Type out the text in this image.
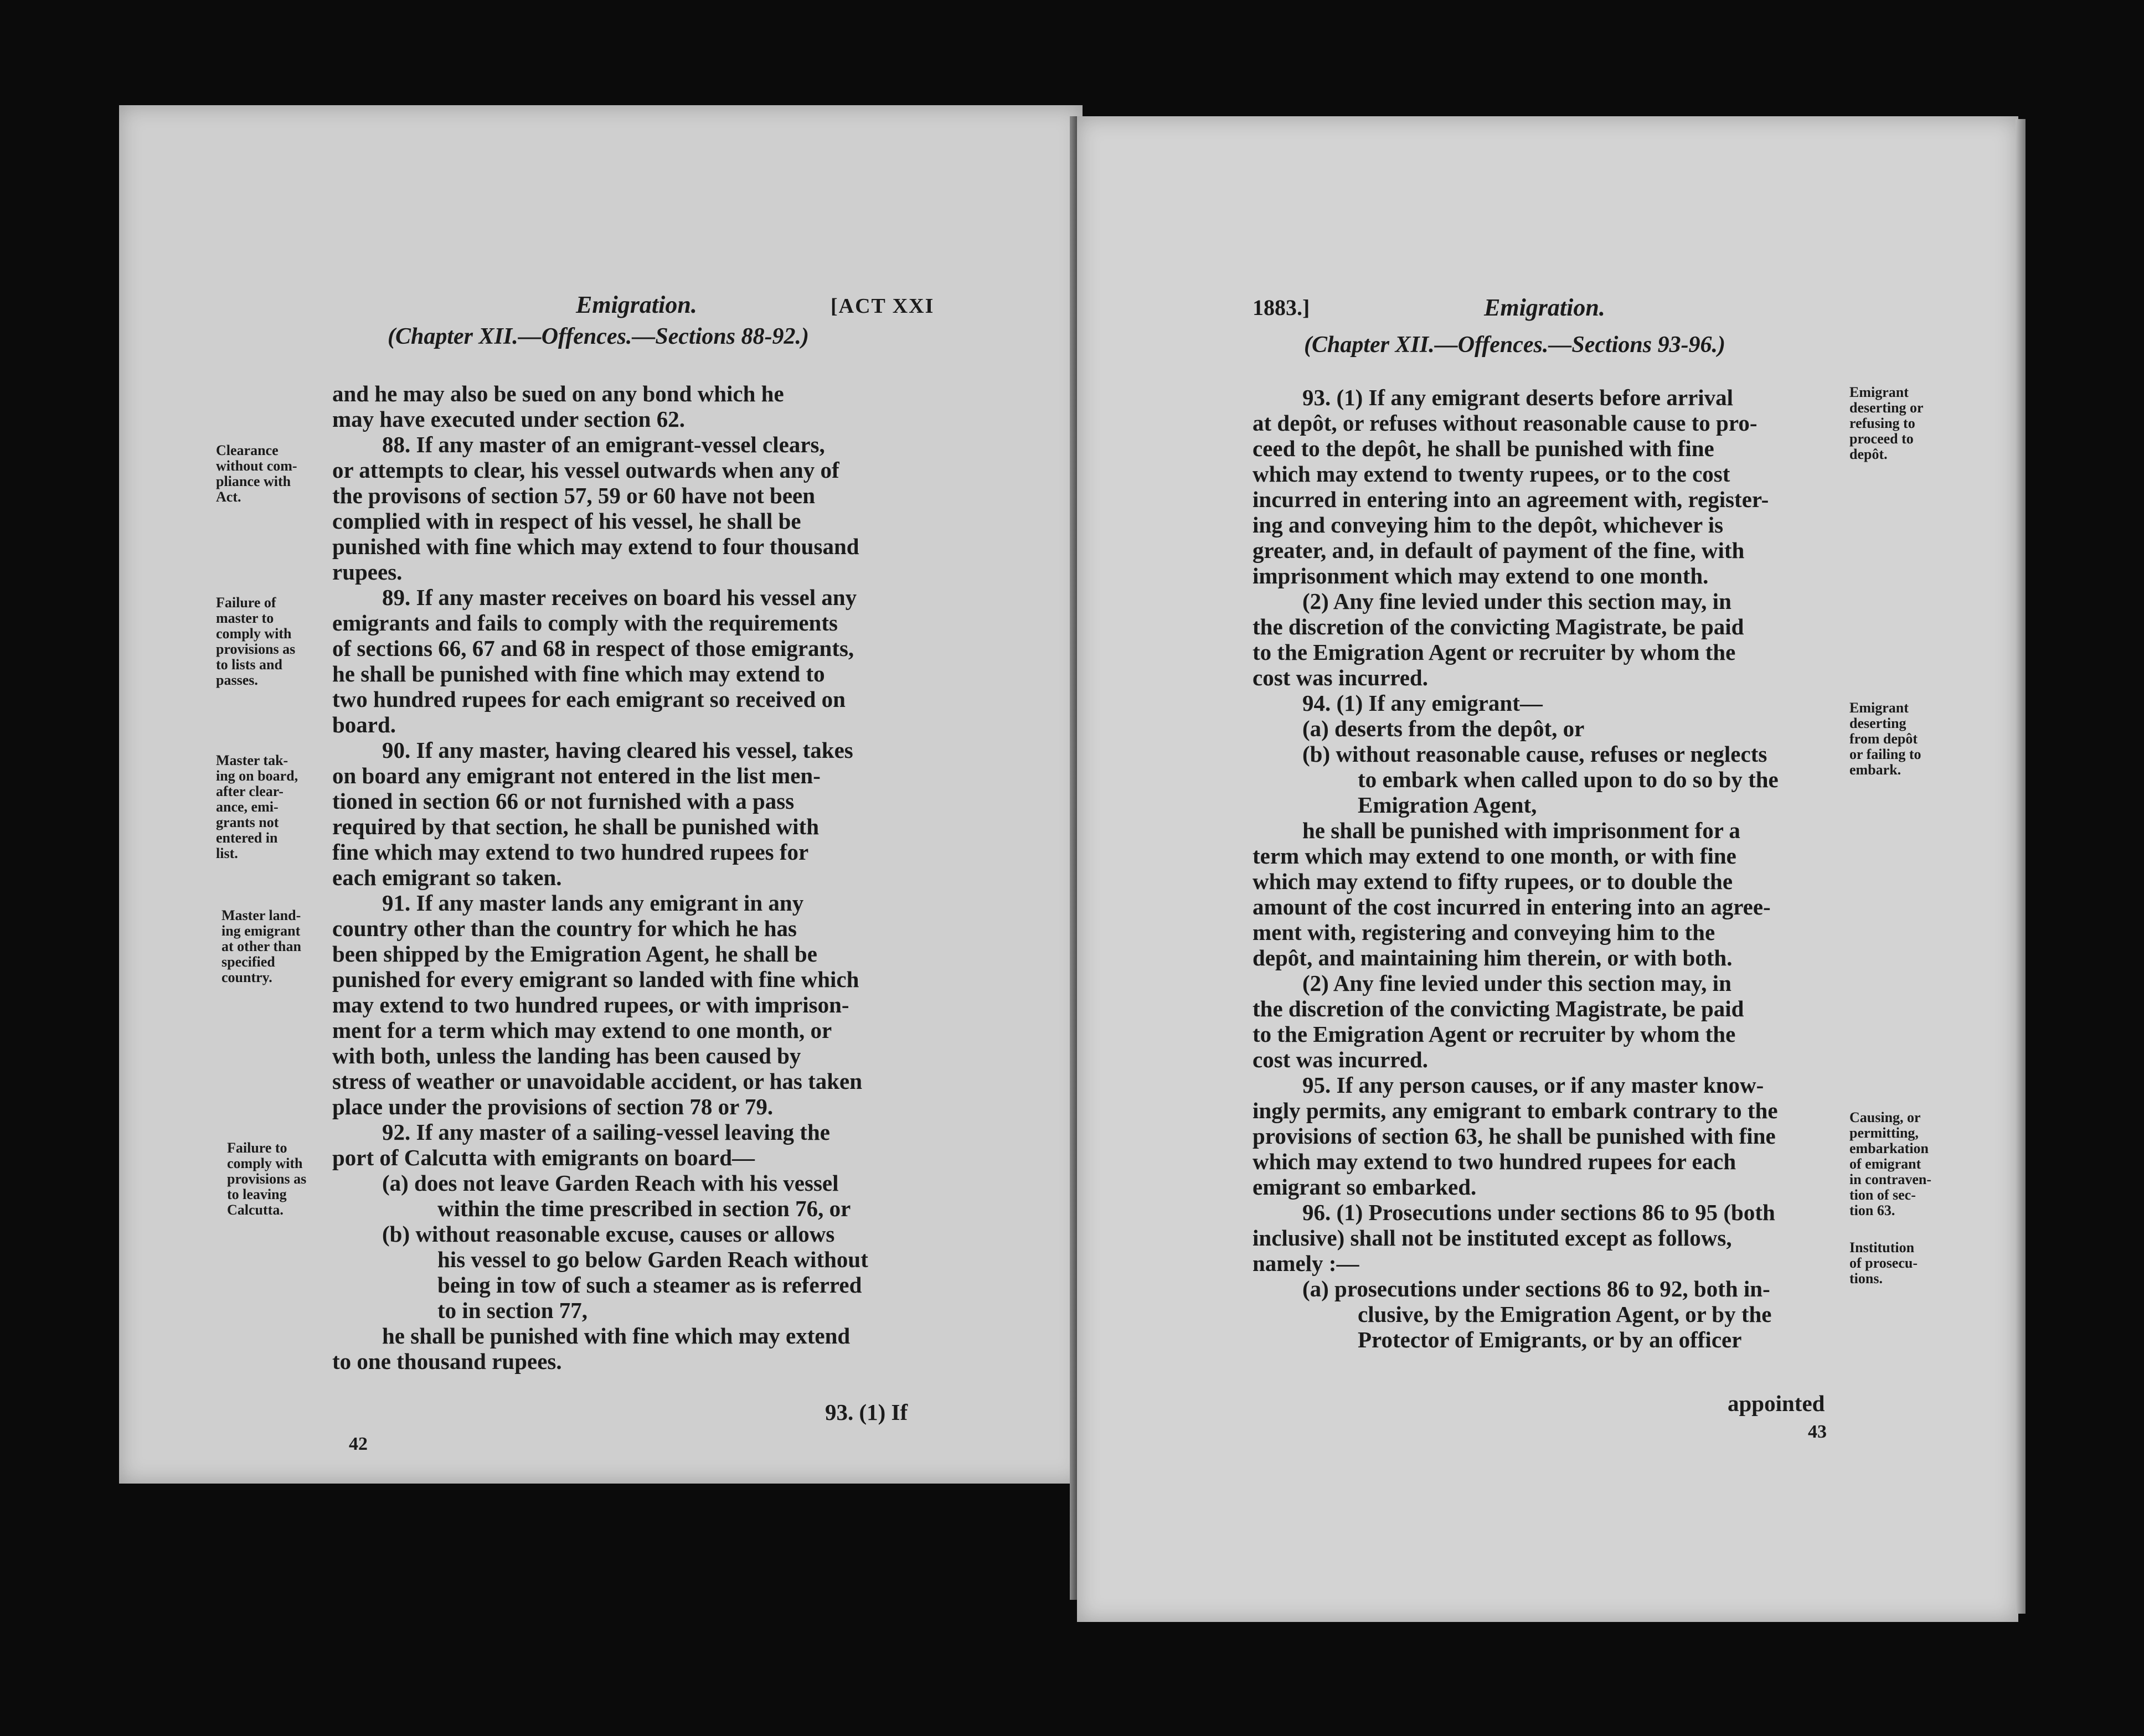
Emigration.	[ACT XXI
(Chapter XII.—Offences.—Sections 88-92.)
Clearance
without com-
pliance with
Act.
Failure of
master to
comply with
provisions as
to lists and
passes.
Master tak-
ing on board,
after clear-
ance, emi-
grants not
entered in
list.
Master land-
ing emigrant
at other than
specified
country.
Failure to
comply with
provisions as
to leaving
Calcutta.

and he may also be sued on any bond which he

may have executed under section 62.

88. If any master of an emigrant-vessel clears,

or attempts to clear, his vessel outwards when any of

the provisons of section 57, 59 or 60 have not been

complied with in respect of his vessel, he shall be

punished with fine which may extend to four thousand

rupees.

89. If any master receives on board his vessel any

emigrants and fails to comply with the requirements

of sections 66, 67 and 68 in respect of those emigrants,

he shall be punished with fine which may extend to

two hundred rupees for each emigrant so received on

board.

90. If any master, having cleared his vessel, takes

on board any emigrant not entered in the list men-

tioned in section 66 or not furnished with a pass

required by that section, he shall be punished with

fine which may extend to two hundred rupees for

each emigrant so taken.

91. If any master lands any emigrant in any

country other than the country for which he has

been shipped by the Emigration Agent, he shall be

punished for every emigrant so landed with fine which

may extend to two hundred rupees, or with imprison-

ment for a term which may extend to one month, or

with both, unless the landing has been caused by

stress of weather or unavoidable accident, or has taken

place under the provisions of section 78 or 79.

92. If any master of a sailing-vessel leaving the

port of Calcutta with emigrants on board—

(a) does not leave Garden Reach with his vessel

within the time prescribed in section 76, or

(b) without reasonable excuse, causes or allows

his vessel to go below Garden Reach without

being in tow of such a steamer as is referred

to in section 77,

he shall be punished with fine which may extend

to one thousand rupees.

93. (1) If
42
1883.]	Emigration.
(Chapter XII.—Offences.—Sections 93-96.)
Emigrant
deserting or
refusing to
proceed to
depôt.
Emigrant
deserting
from depôt
or failing to
embark.
Causing, or
permitting,
embarkation
of emigrant
in contraven-
tion of sec-
tion 63.
Institution
of prosecu-
tions.

93. (1) If any emigrant deserts before arrival

at depôt, or refuses without reasonable cause to pro-

ceed to the depôt, he shall be punished with fine

which may extend to twenty rupees, or to the cost

incurred in entering into an agreement with, register-

ing and conveying him to the depôt, whichever is

greater, and, in default of payment of the fine, with

imprisonment which may extend to one month.

(2) Any fine levied under this section may, in

the discretion of the convicting Magistrate, be paid

to the Emigration Agent or recruiter by whom the

cost was incurred.

94. (1) If any emigrant—

(a) deserts from the depôt, or

(b) without reasonable cause, refuses or neglects

to embark when called upon to do so by the

Emigration Agent,

he shall be punished with imprisonment for a

term which may extend to one month, or with fine

which may extend to fifty rupees, or to double the

amount of the cost incurred in entering into an agree-

ment with, registering and conveying him to the

depôt, and maintaining him therein, or with both.

(2) Any fine levied under this section may, in

the discretion of the convicting Magistrate, be paid

to the Emigration Agent or recruiter by whom the

cost was incurred.

95. If any person causes, or if any master know-

ingly permits, any emigrant to embark contrary to the

provisions of section 63, he shall be punished with fine

which may extend to two hundred rupees for each

emigrant so embarked.

96. (1) Prosecutions under sections 86 to 95 (both

inclusive) shall not be instituted except as follows,

namely :—

(a) prosecutions under sections 86 to 92, both in-

clusive, by the Emigration Agent, or by the

Protector of Emigrants, or by an officer

appointed
43
